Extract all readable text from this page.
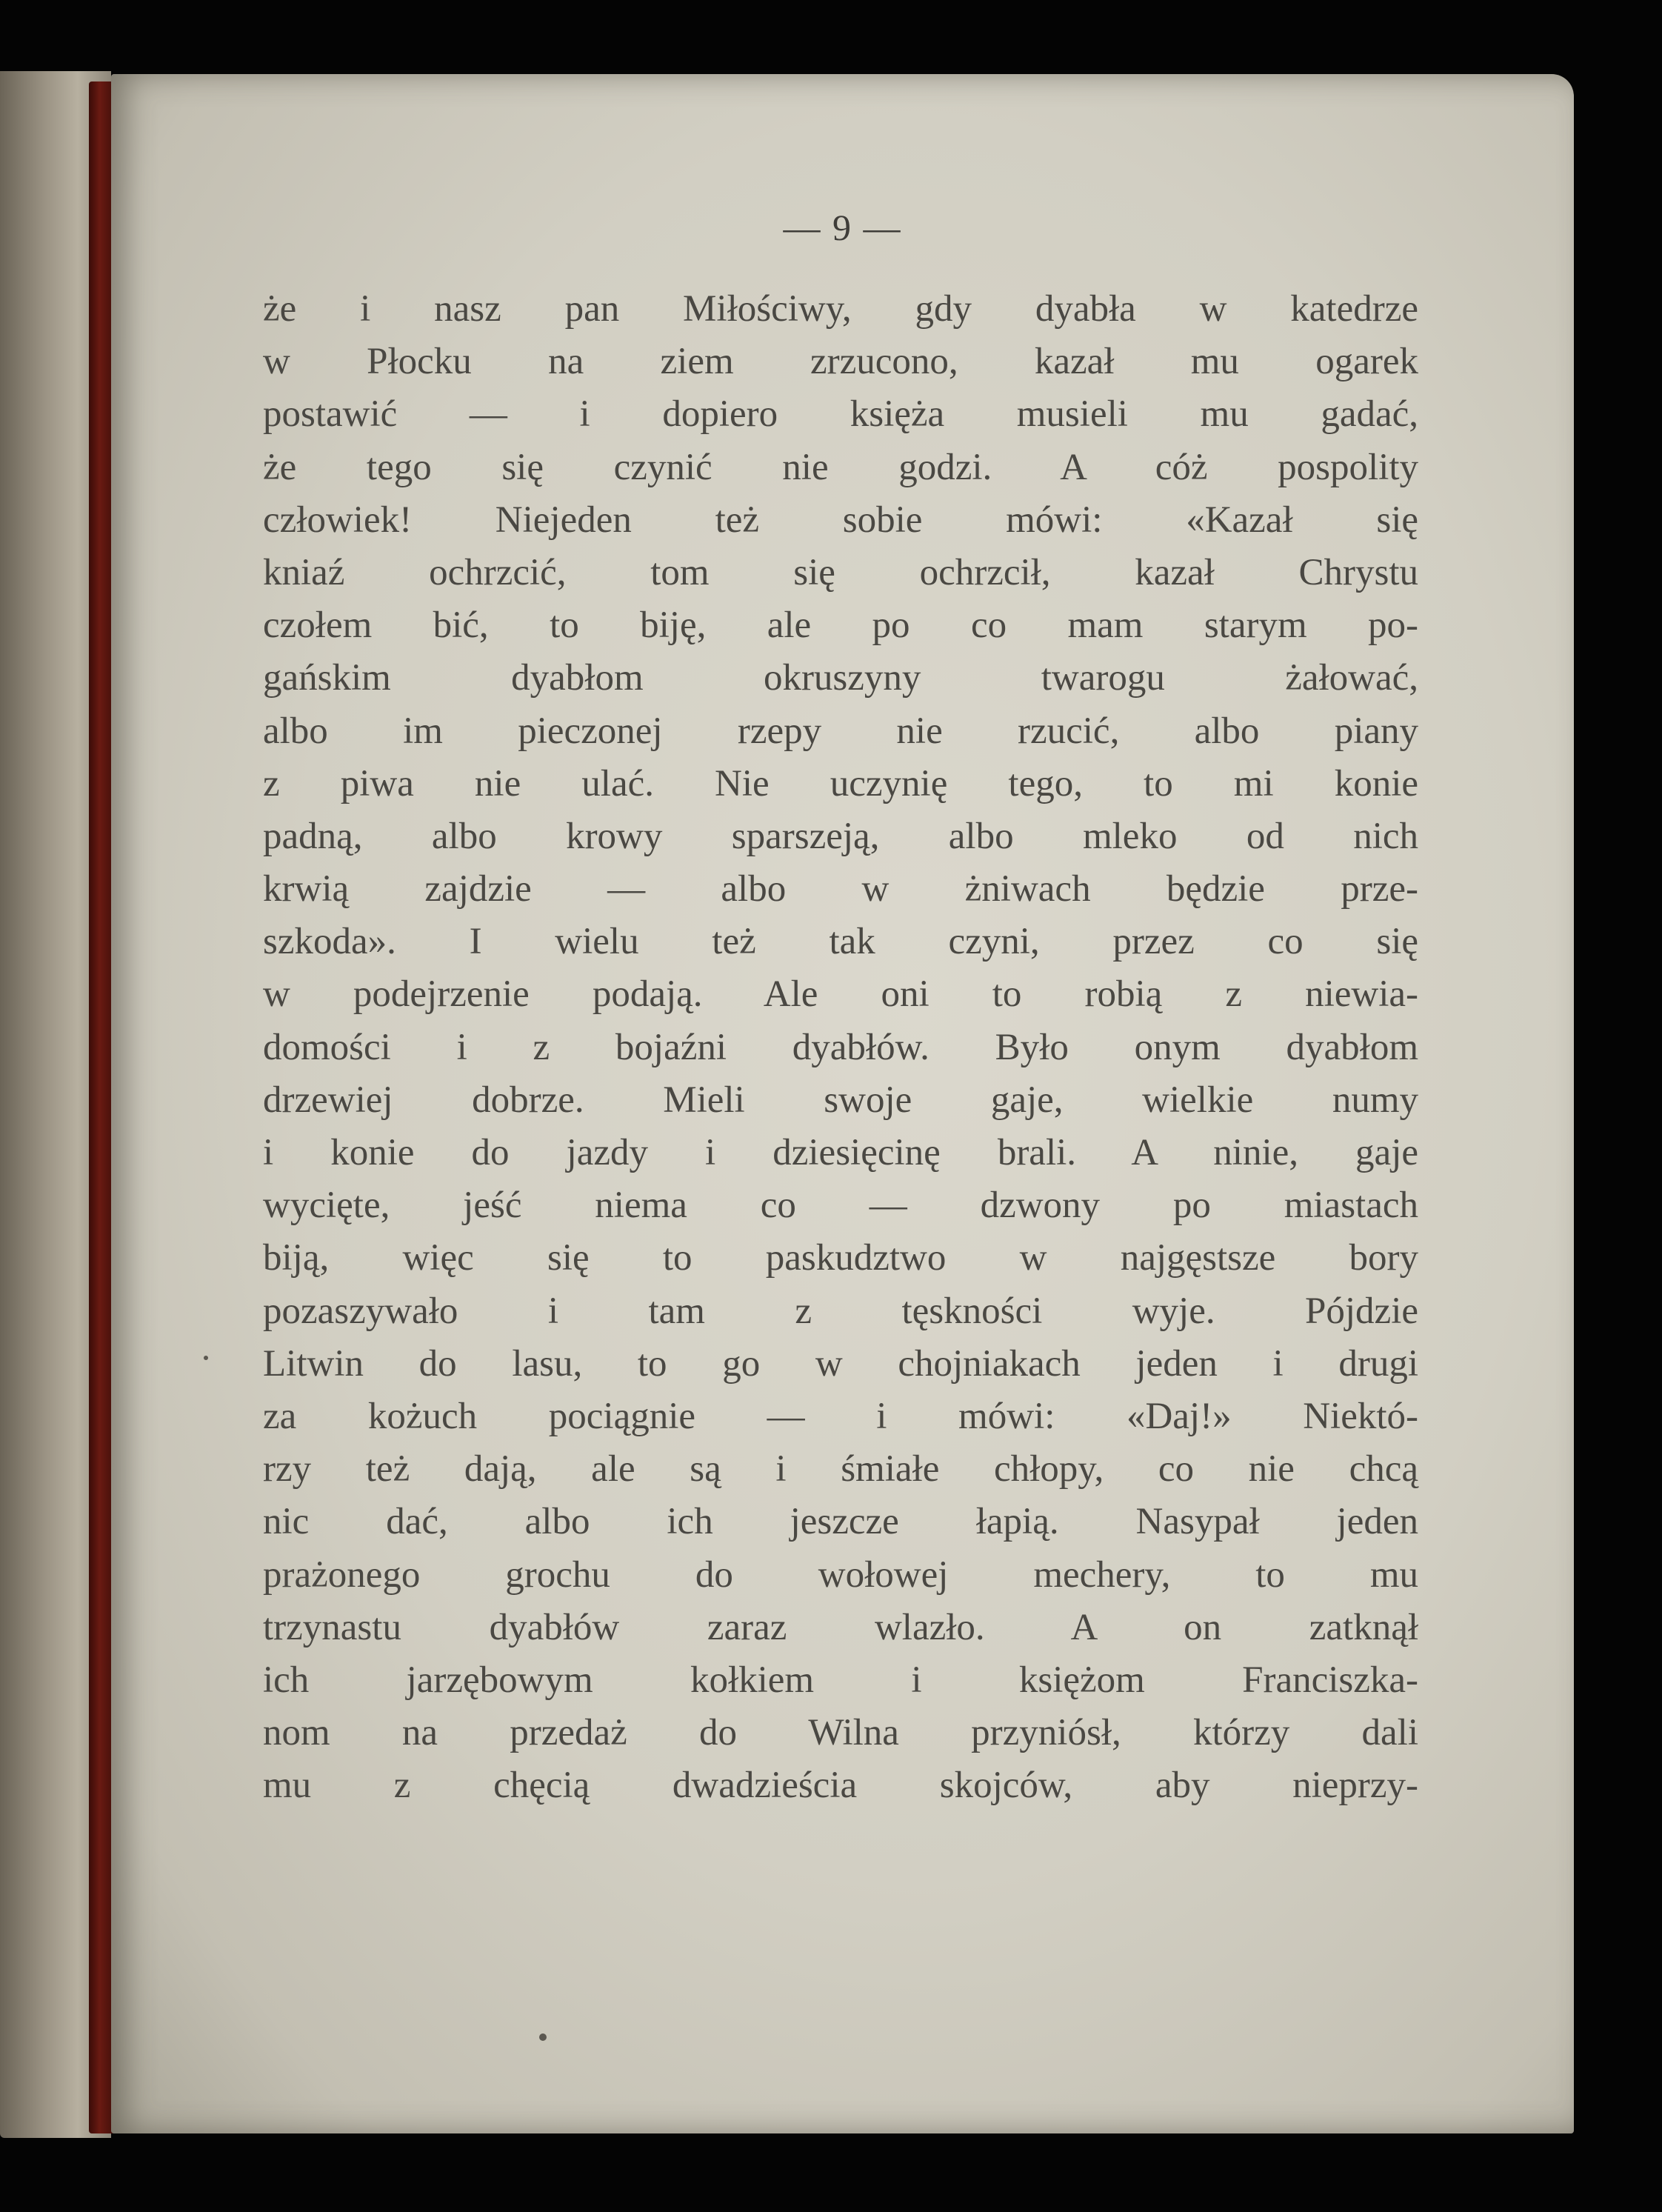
— 9 —
że i nasz pan Miłościwy, gdy dyabła w katedrze
w Płocku na ziem zrzucono, kazał mu ogarek
postawić — i dopiero księża musieli mu gadać,
że tego się czynić nie godzi. A cóż pospolity
człowiek! Niejeden też sobie mówi: «Kazał się
kniaź ochrzcić, tom się ochrzcił, kazał Chrystu
czołem bić, to biję, ale po co mam starym po-
gańskim dyabłom okruszyny twarogu żałować,
albo im pieczonej rzepy nie rzucić, albo piany
z piwa nie ulać. Nie uczynię tego, to mi konie
padną, albo krowy sparszeją, albo mleko od nich
krwią zajdzie — albo w żniwach będzie prze-
szkoda». I wielu też tak czyni, przez co się
w podejrzenie podają. Ale oni to robią z niewia-
domości i z bojaźni dyabłów. Było onym dyabłom
drzewiej dobrze. Mieli swoje gaje, wielkie numy
i konie do jazdy i dziesięcinę brali. A ninie, gaje
wycięte, jeść niema co — dzwony po miastach
biją, więc się to paskudztwo w najgęstsze bory
pozaszywało i tam z tęskności wyje. Pójdzie
Litwin do lasu, to go w chojniakach jeden i drugi
za kożuch pociągnie — i mówi: «Daj!» Niektó-
rzy też dają, ale są i śmiałe chłopy, co nie chcą
nic dać, albo ich jeszcze łapią. Nasypał jeden
prażonego grochu do wołowej mechery, to mu
trzynastu dyabłów zaraz wlazło. A on zatknął
ich jarzębowym kołkiem i księżom Franciszka-
nom na przedaż do Wilna przyniósł, którzy dali
mu z chęcią dwadzieścia skojców, aby nieprzy-
